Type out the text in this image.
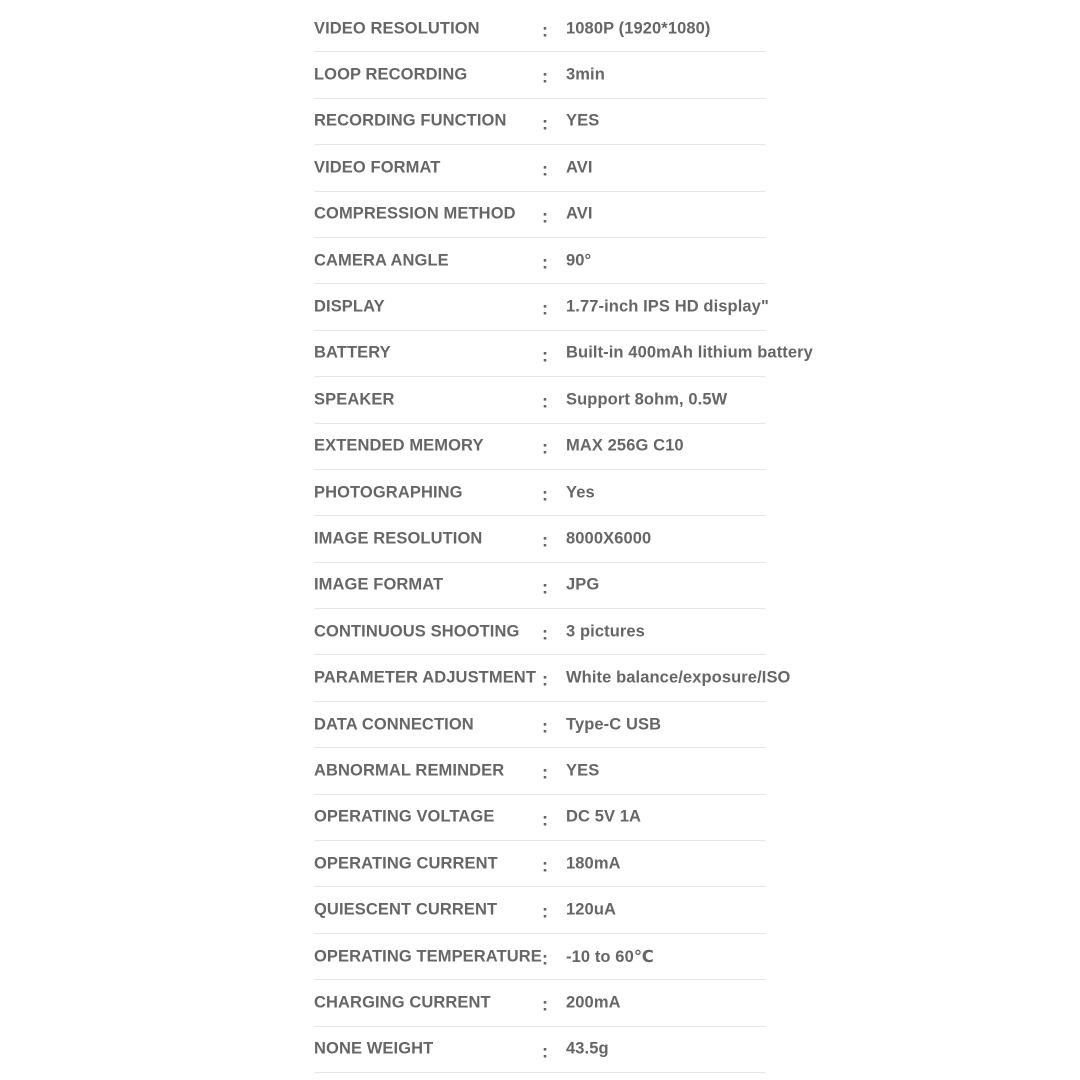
VIDEO RESOLUTION	: 1080P (1920*1080)
LOOP RECORDING	: 3min
RECORDING FUNCTION : YES
VIDEO FORMAT	: AVI
COMPRESSION METHOD : AVI
CAMERA ANGLE	: 90°
DISPLAY	: 1.77-inch IPS HD display"
BATTERY	: Built-in 400mAh lithium battery
SPEAKER	: Support 8ohm, 0.5W
EXTENDED MEMORY	: MAX 256G C10
PHOTOGRAPHING	: Yes
IMAGE RESOLUTION	: 8000X6000
IMAGE FORMAT	: JPG
CONTINUOUS SHOOTING : 3 pictures
PARAMETER ADJUSTMENT : White balance/exposure/ISO
DATA CONNECTION	: Type-C USB
ABNORMAL REMINDER : YES
OPERATING VOLTAGE	: DC 5V 1A
OPERATING CURRENT : 180mA
QUIESCENT CURRENT : 120uA
OPERATING TEMPERATURE : -10 to 60℃
CHARGING CURRENT	: 200mA
NONE WEIGHT	: 43.5g
